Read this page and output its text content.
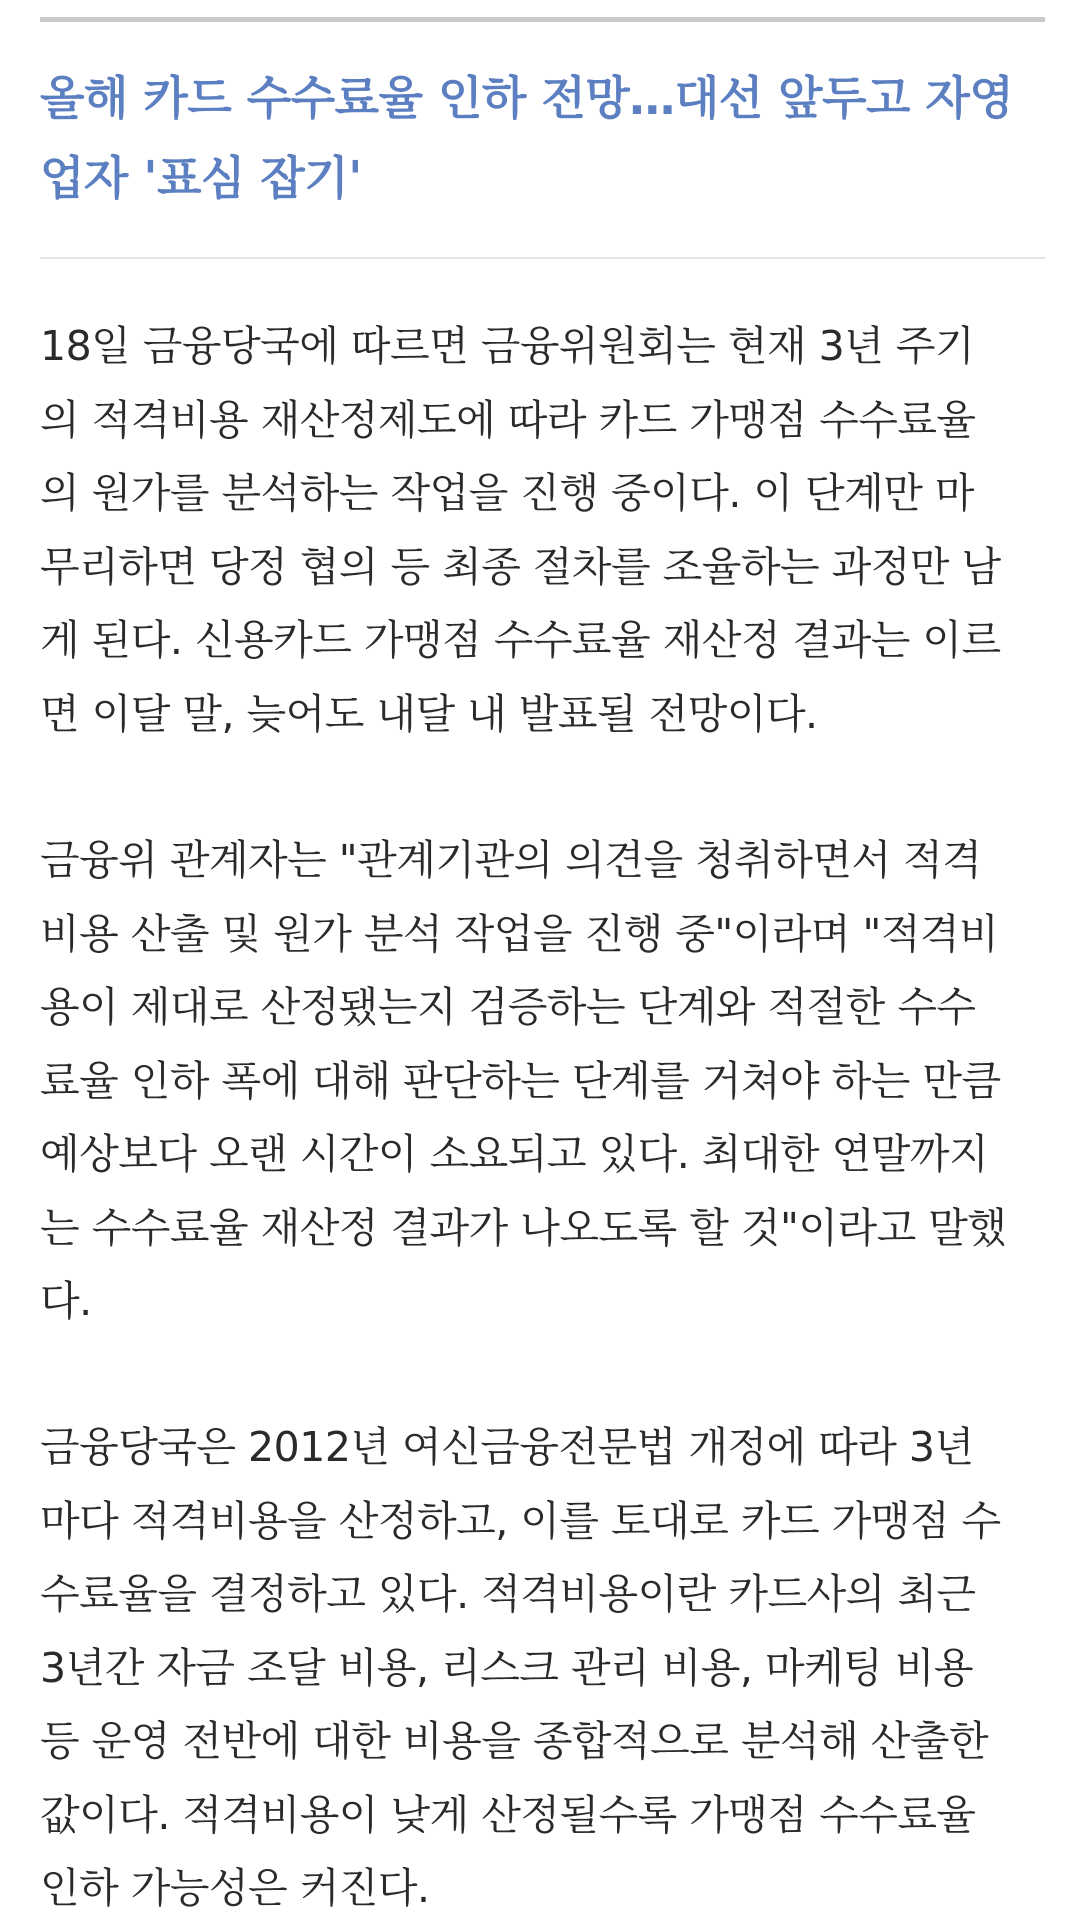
올해 카드 수수료율 인하 전망…대선 앞두고 자영
업자 '표심 잡기'

18일 금융당국에 따르면 금융위원회는 현재 3년 주기
의 적격비용 재산정제도에 따라 카드 가맹점 수수료율
의 원가를 분석하는 작업을 진행 중이다. 이 단계만 마
무리하면 당정 협의 등 최종 절차를 조율하는 과정만 남
게 된다. 신용카드 가맹점 수수료율 재산정 결과는 이르
면 이달 말, 늦어도 내달 내 발표될 전망이다.

금융위 관계자는 "관계기관의 의견을 청취하면서 적격
비용 산출 및 원가 분석 작업을 진행 중"이라며 "적격비
용이 제대로 산정됐는지 검증하는 단계와 적절한 수수
료율 인하 폭에 대해 판단하는 단계를 거쳐야 하는 만큼
예상보다 오랜 시간이 소요되고 있다. 최대한 연말까지
는 수수료율 재산정 결과가 나오도록 할 것"이라고 말했
다.

금융당국은 2012년 여신금융전문법 개정에 따라 3년
마다 적격비용을 산정하고, 이를 토대로 카드 가맹점 수
수료율을 결정하고 있다. 적격비용이란 카드사의 최근
3년간 자금 조달 비용, 리스크 관리 비용, 마케팅 비용
등 운영 전반에 대한 비용을 종합적으로 분석해 산출한
값이다. 적격비용이 낮게 산정될수록 가맹점 수수료율
인하 가능성은 커진다.
